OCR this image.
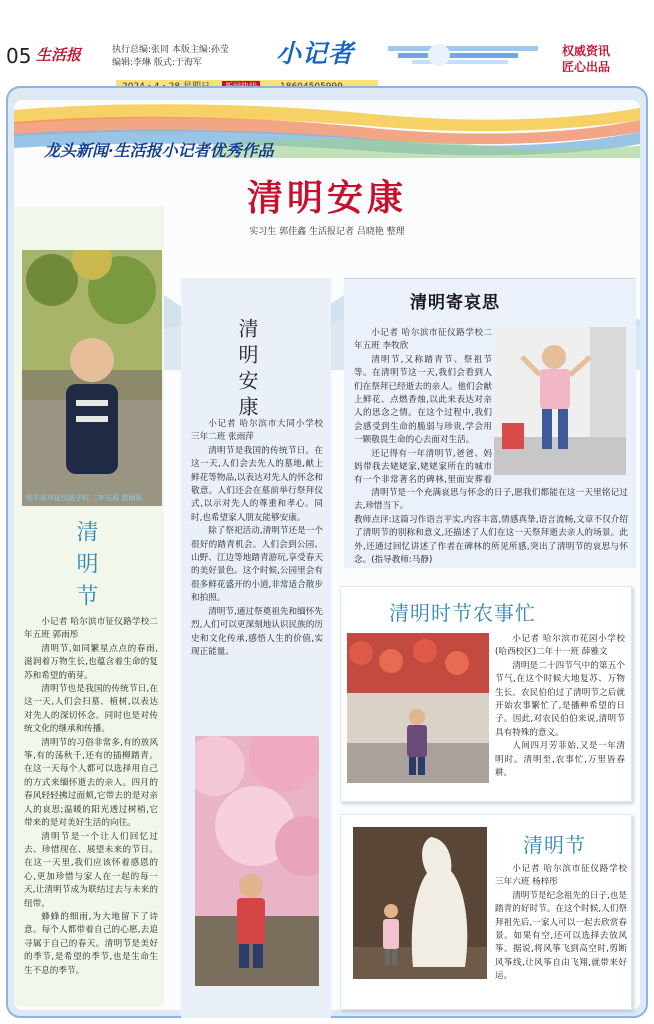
05 生活报	执行总编:张同 本版主编:孙莹
编辑:李琳 版式:于海军	小记者	权威资讯
匠心出品
龙头新闻·生活报小记者优秀作品
清明安康
实习生 郭佳鑫 生活报记者 吕晓艳 整理
哈尔滨市征仪路学校 二年五班 郭雨彤
清明节

小记者 哈尔滨市征仪路学校二年五班 郭雨彤

清明节,如同繁星点点的春雨,滋润着万物生长,也蕴含着生命的复苏和希望的萌芽。

清明节也是我国的传统节日,在这一天,人们会扫墓、植树,以表达对先人的深切怀念。同时也是对传统文化的继承和传播。

清明节的习俗非常多,有的放风筝,有的荡秋千,还有的插柳踏青。在这一天每个人都可以选择用自己的方式来缅怀逝去的亲人。四月的春风轻轻拂过面颊,它带去的是对亲人的哀思;温暖的阳光透过树梢,它带来的是对美好生活的向往。

清明节是一个让人们回忆过去、珍惜现在、展望未来的节日。在这一天里,我们应该怀着感恩的心,更加珍惜与家人在一起的每一天,让清明节成为联结过去与未来的纽带。

蜂蜂的细雨,为大地留下了诗意。每个人都带着自己的心愿,去追寻属于自己的春天。清明节是美好的季节,是希望的季节,也是生命生生不息的季节。

清明安康

小记者 哈尔滨市大同小学校 三年二班 张雨萍

清明节是我国的传统节日。在这一天,人们会去先人的墓地,献上鲜花等物品,以表达对先人的怀念和敬意。人们还会在墓前举行祭拜仪式,以示对先人的尊重和孝心。同时,也希望家人朋友能够安康。

除了祭祀活动,清明节还是一个很好的踏青机会。人们会到公园、山野、江边等地踏青游玩,享受春天的美好景色。这个时候,公园里会有很多鲜花盛开的小道,非常适合散步和拍照。

清明节,通过祭奠祖先和缅怀先烈,人们可以更深刻地认识民族的历史和文化传承,感悟人生的价值,实现正能量。

小记者 哈尔滨市征仪路学校二年五班 李牧欣

清明节,又称踏青节、祭祖节等。在清明节这一天,我们会看到人们在祭拜已经逝去的亲人。他们会献上鲜花、点燃香烛,以此来表达对亲人的思念之情。在这个过程中,我们会感受到生命的脆弱与珍贵,学会用一颗敬畏生命的心去面对生活。

还记得有一年清明节,爸爸、妈妈带我去姥姥家,姥姥家所在的城市有一个非常著名的碑林,里面安葬着

清明节是一个充满哀思与怀念的日子,愿我们都能在这一天里铭记过去,珍惜当下。

教师点评:这篇习作语言平实,内容丰富,情感真挚,语言流畅,文章不仅介绍了清明节的别称和意义,还描述了人们在这一天祭拜逝去亲人的场景。此外,还通过回忆讲述了作者在碑林的所见所感,突出了清明节的哀思与怀念。(指导教师:马静)

清明寄哀思
清明时节农事忙

小记者 哈尔滨市花园小学校(哈西校区)二年十一班 薛雅文

清明是二十四节气中的第五个节气,在这个时候大地复苏、万物生长。农民伯伯过了清明节之后就开始农事繁忙了,是播种希望的日子。因此,对农民伯伯来说,清明节具有特殊的意义。

人间四月芳菲始,又是一年清明时。清明至,农事忙,万里皆春耕。

清明节

小记者 哈尔滨市征仪路学校 三年六班 杨梓彤

清明节是纪念祖先的日子,也是踏青的好时节。在这个时候,人们祭拜祖先后,一家人可以一起去欣赏春景。如果有空,还可以选择去放风筝。据说,将风筝飞到高空时,剪断风筝线,让风筝自由飞翔,就带来好运。
